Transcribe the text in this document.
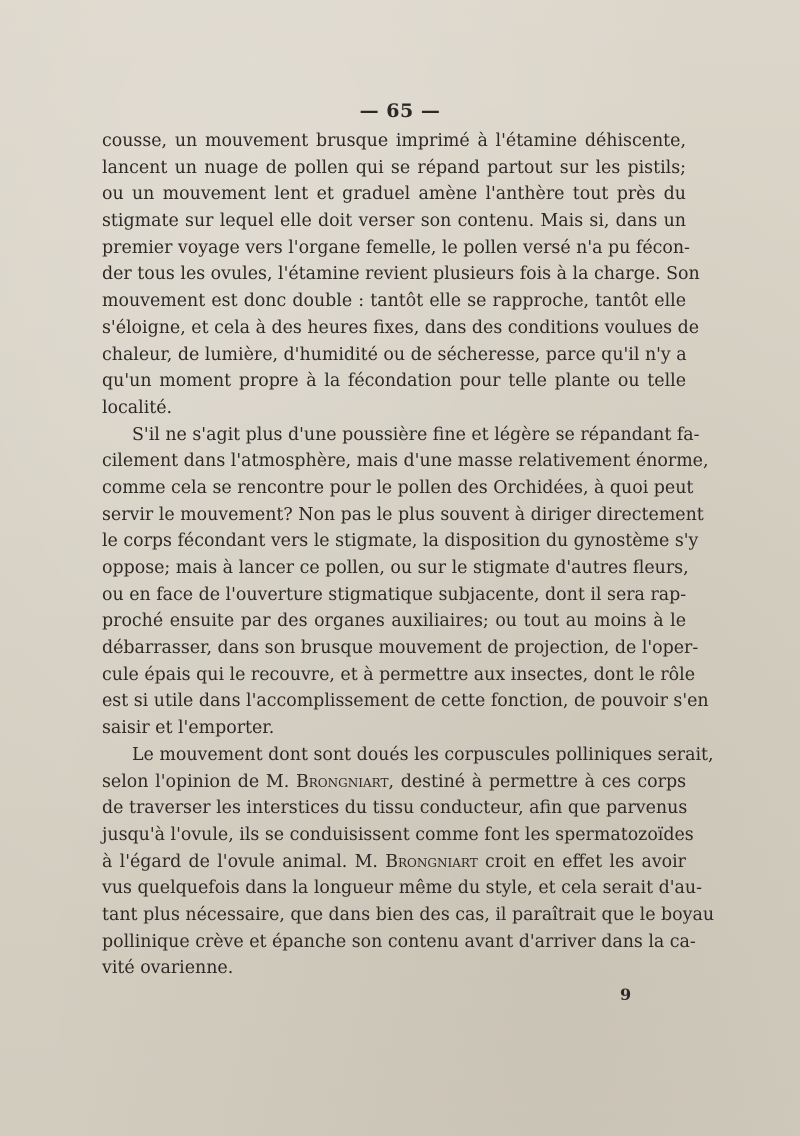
— 65 —
cousse, un mouvement brusque imprimé à l'étamine déhiscente,
lancent un nuage de pollen qui se répand partout sur les pistils;
ou un mouvement lent et graduel amène l'anthère tout près du
stigmate sur lequel elle doit verser son contenu. Mais si, dans un
premier voyage vers l'organe femelle, le pollen versé n'a pu fécon-
der tous les ovules, l'étamine revient plusieurs fois à la charge. Son
mouvement est donc double : tantôt elle se rapproche, tantôt elle
s'éloigne, et cela à des heures fixes, dans des conditions voulues de
chaleur, de lumière, d'humidité ou de sécheresse, parce qu'il n'y a
qu'un moment propre à la fécondation pour telle plante ou telle
localité.
S'il ne s'agit plus d'une poussière fine et légère se répandant fa-
cilement dans l'atmosphère, mais d'une masse relativement énorme,
comme cela se rencontre pour le pollen des Orchidées, à quoi peut
servir le mouvement? Non pas le plus souvent à diriger directement
le corps fécondant vers le stigmate, la disposition du gynostème s'y
oppose; mais à lancer ce pollen, ou sur le stigmate d'autres fleurs,
ou en face de l'ouverture stigmatique subjacente, dont il sera rap-
proché ensuite par des organes auxiliaires; ou tout au moins à le
débarrasser, dans son brusque mouvement de projection, de l'oper-
cule épais qui le recouvre, et à permettre aux insectes, dont le rôle
est si utile dans l'accomplissement de cette fonction, de pouvoir s'en
saisir et l'emporter.
Le mouvement dont sont doués les corpuscules polliniques serait,
selon l'opinion de M. Brongniart, destiné à permettre à ces corps
de traverser les interstices du tissu conducteur, afin que parvenus
jusqu'à l'ovule, ils se conduisissent comme font les spermatozoïdes
à l'égard de l'ovule animal. M. Brongniart croit en effet les avoir
vus quelquefois dans la longueur même du style, et cela serait d'au-
tant plus nécessaire, que dans bien des cas, il paraîtrait que le boyau
pollinique crève et épanche son contenu avant d'arriver dans la ca-
vité ovarienne.
9
